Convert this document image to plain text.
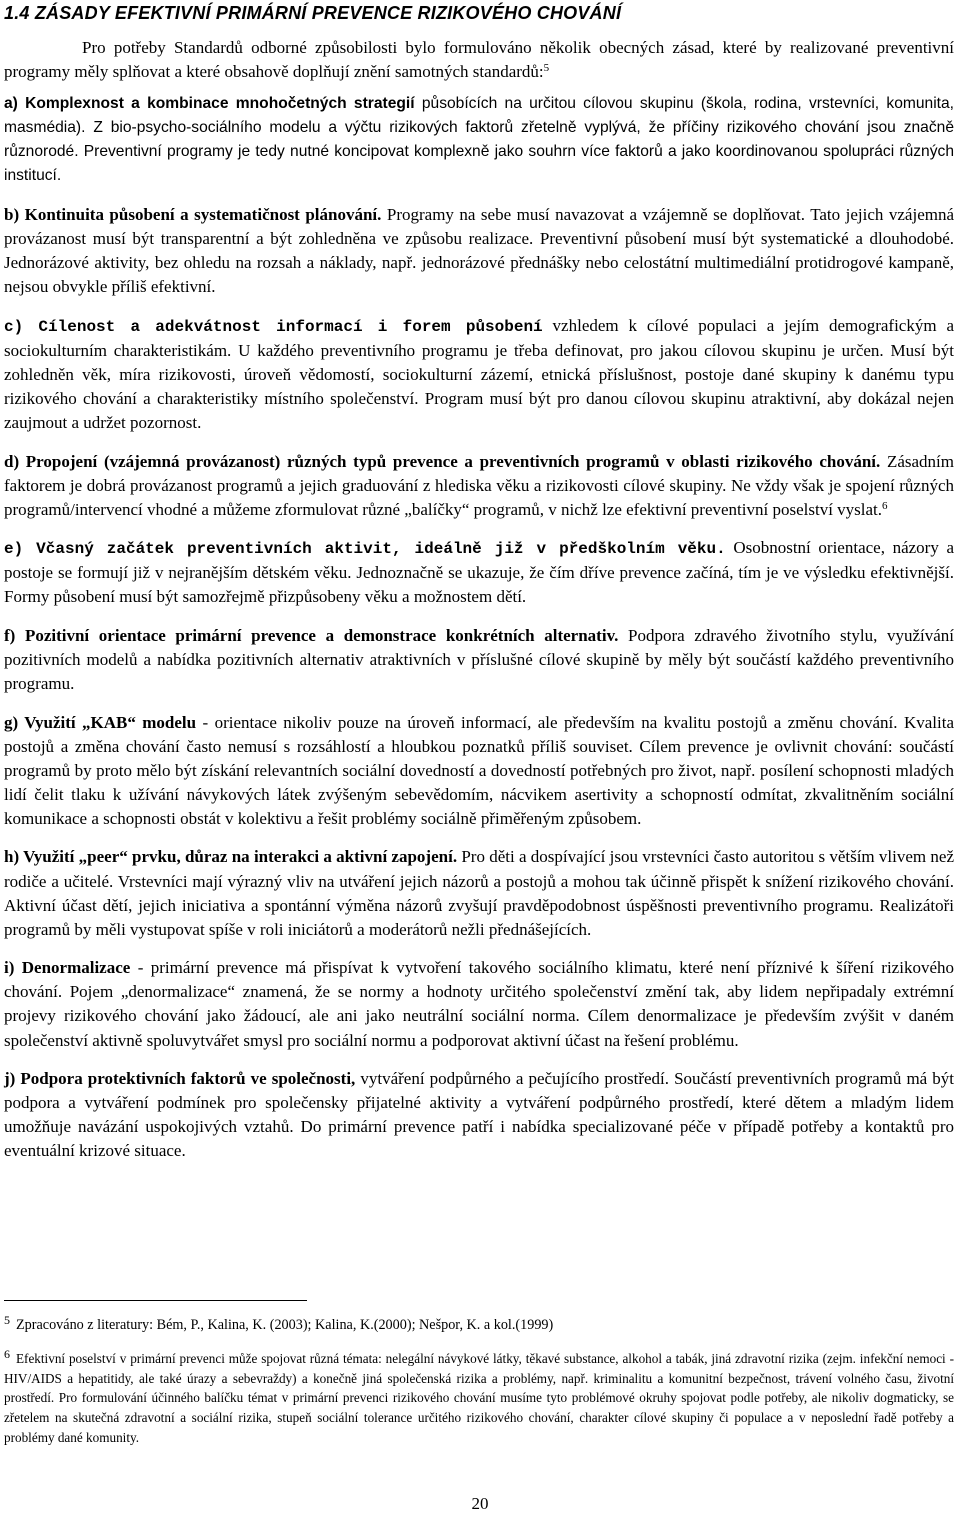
1.4 ZÁSADY EFEKTIVNÍ PRIMÁRNÍ PREVENCE RIZIKOVÉHO CHOVÁNÍ

Pro potřeby Standardů odborné způsobilosti bylo formulováno několik obecných zásad, které by realizované preventivní programy měly splňovat a které obsahově doplňují znění samotných standardů:$^5$

a) Komplexnost a kombinace mnohočetných strategií působících na určitou cílovou skupinu (škola, rodina, vrstevníci, komunita, masmédia). Z bio-psycho-sociálního modelu a výčtu rizikových faktorů zřetelně vyplývá, že příčiny rizikového chování jsou značně různorodé. Preventivní programy je tedy nutné koncipovat komplexně jako souhrn více faktorů a jako koordinovanou spolupráci různých institucí.

b) Kontinuita působení a systematičnost plánování. Programy na sebe musí navazovat a vzájemně se doplňovat. Tato jejich vzájemná provázanost musí být transparentní a být zohledněna ve způsobu realizace. Preventivní působení musí být systematické a dlouhodobé. Jednorázové aktivity, bez ohledu na rozsah a náklady, např. jednorázové přednášky nebo celostátní multimediální protidrogové kampaně, nejsou obvykle příliš efektivní.

c) Cílenost a adekvátnost informací i forem působení vzhledem k cílové populaci a jejím demografickým a sociokulturním charakteristikám. U každého preventivního programu je třeba definovat, pro jakou cílovou skupinu je určen. Musí být zohledněn věk, míra rizikovosti, úroveň vědomostí, sociokulturní zázemí, etnická příslušnost, postoje dané skupiny k danému typu rizikového chování a charakteristiky místního společenství. Program musí být pro danou cílovou skupinu atraktivní, aby dokázal nejen zaujmout a udržet pozornost.

d) Propojení (vzájemná provázanost) různých typů prevence a preventivních programů v oblasti rizikového chování. Zásadním faktorem je dobrá provázanost programů a jejich graduování z hlediska věku a rizikovosti cílové skupiny. Ne vždy však je spojení různých programů/intervencí vhodné a můžeme zformulovat různé „balíčky“ programů, v nichž lze efektivní preventivní poselství vyslat.$^6$

e) Včasný začátek preventivních aktivit, ideálně již v předškolním věku. Osobnostní orientace, názory a postoje se formují již v nejranějším dětském věku. Jednoznačně se ukazuje, že čím dříve prevence začíná, tím je ve výsledku efektivnější. Formy působení musí být samozřejmě přizpůsobeny věku a možnostem dětí.

f) Pozitivní orientace primární prevence a demonstrace konkrétních alternativ. Podpora zdravého životního stylu, využívání pozitivních modelů a nabídka pozitivních alternativ atraktivních v příslušné cílové skupině by měly být součástí každého preventivního programu.

g) Využití „KAB“ modelu - orientace nikoliv pouze na úroveň informací, ale především na kvalitu postojů a změnu chování. Kvalita postojů a změna chování často nemusí s rozsáhlostí a hloubkou poznatků příliš souviset. Cílem prevence je ovlivnit chování: součástí programů by proto mělo být získání relevantních sociální dovedností a dovedností potřebných pro život, např. posílení schopnosti mladých lidí čelit tlaku k užívání návykových látek zvýšeným sebevědomím, nácvikem asertivity a schopností odmítat, zkvalitněním sociální komunikace a schopnosti obstát v kolektivu a řešit problémy sociálně přiměřeným způsobem.

h) Využití „peer“ prvku, důraz na interakci a aktivní zapojení. Pro děti a dospívající jsou vrstevníci často autoritou s větším vlivem než rodiče a učitelé. Vrstevníci mají výrazný vliv na utváření jejich názorů a postojů a mohou tak účinně přispět k snížení rizikového chování. Aktivní účast dětí, jejich iniciativa a spontánní výměna názorů zvyšují pravděpodobnost úspěšnosti preventivního programu. Realizátoři programů by měli vystupovat spíše v roli iniciátorů a moderátorů nežli přednášejících.

i) Denormalizace - primární prevence má přispívat k vytvoření takového sociálního klimatu, které není příznivé k šíření rizikového chování. Pojem „denormalizace“ znamená, že se normy a hodnoty určitého společenství změní tak, aby lidem nepřipadaly extrémní projevy rizikového chování jako žádoucí, ale ani jako neutrální sociální norma. Cílem denormalizace je především zvýšit v daném společenství aktivně spoluvytvářet smysl pro sociální normu a podporovat aktivní účast na řešení problému.

j) Podpora protektivních faktorů ve společnosti, vytváření podpůrného a pečujícího prostředí. Součástí preventivních programů má být podpora a vytváření podmínek pro společensky přijatelné aktivity a vytváření podpůrného prostředí, které dětem a mladým lidem umožňuje navázání uspokojivých vztahů. Do primární prevence patří i nabídka specializované péče v případě potřeby a kontaktů pro eventuální krizové situace.

$^5$ Zpracováno z literatury: Bém, P., Kalina, K. (2003); Kalina, K.(2000); Nešpor, K. a kol.(1999)
6 Efektivní poselství v primární prevenci může spojovat různá témata: nelegální návykové látky, těkavé substance, alkohol a tabák, jiná zdravotní rizika (zejm. infekční nemoci - HIV/AIDS a hepatitidy, ale také úrazy a sebevraždy) a konečně jiná společenská rizika a problémy, např. kriminalitu a komunitní bezpečnost, trávení volného času, životní prostředí. Pro formulování účinného balíčku témat v primární prevenci rizikového chování musíme tyto problémové okruhy spojovat podle potřeby, ale nikoliv dogmaticky, se zřetelem na skutečná zdravotní a sociální rizika, stupeň sociální tolerance určitého rizikového chování, charakter cílové skupiny či populace a v neposlední řadě potřeby a problémy dané komunity.
20
